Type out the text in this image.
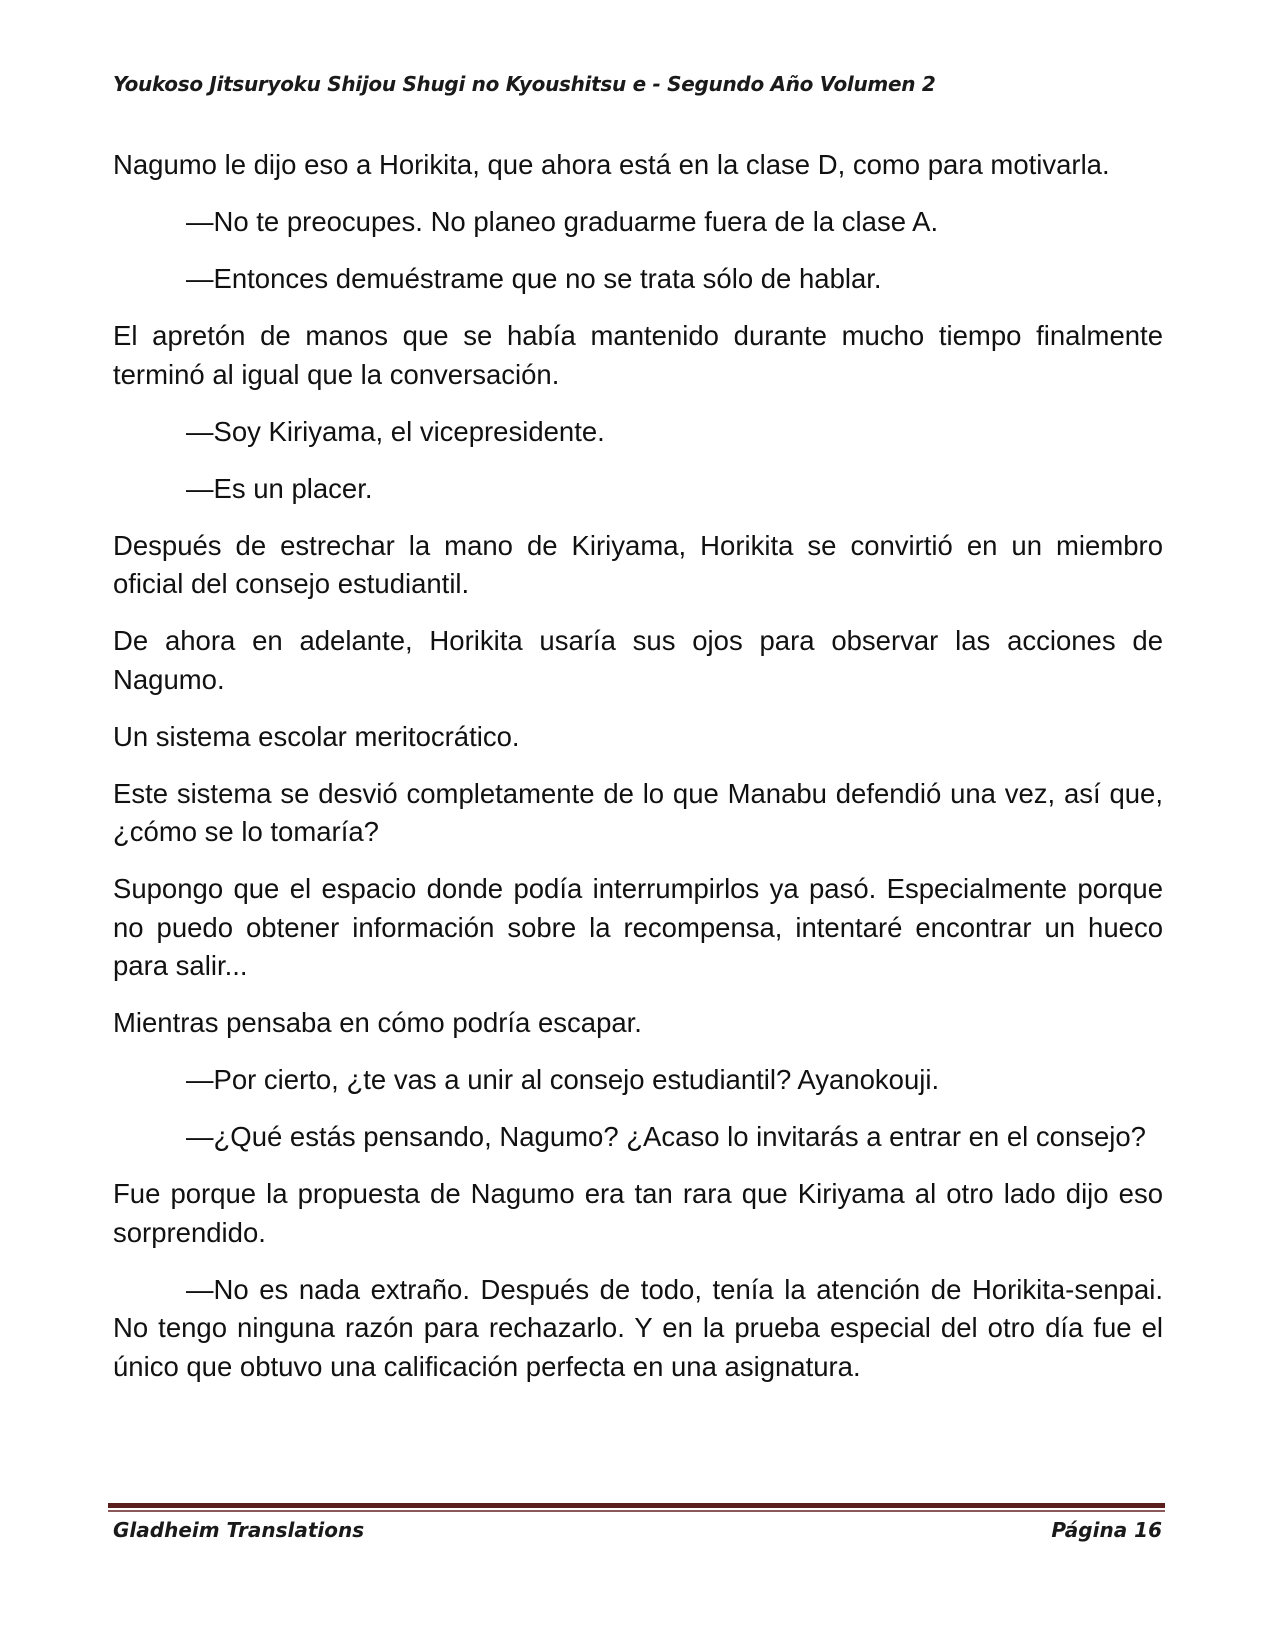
Youkoso Jitsuryoku Shijou Shugi no Kyoushitsu e - Segundo Año Volumen 2

Nagumo le dijo eso a Horikita, que ahora está en la clase D, como para motivarla.

—No te preocupes. No planeo graduarme fuera de la clase A.

—Entonces demuéstrame que no se trata sólo de hablar.

El apretón de manos que se había mantenido durante mucho tiempo finalmente terminó al igual que la conversación.

—Soy Kiriyama, el vicepresidente.

—Es un placer.

Después de estrechar la mano de Kiriyama, Horikita se convirtió en un miembro oficial del consejo estudiantil.

De ahora en adelante, Horikita usaría sus ojos para observar las acciones de Nagumo.

Un sistema escolar meritocrático.

Este sistema se desvió completamente de lo que Manabu defendió una vez, así que, ¿cómo se lo tomaría?

Supongo que el espacio donde podía interrumpirlos ya pasó. Especialmente porque no puedo obtener información sobre la recompensa, intentaré encontrar un hueco para salir...

Mientras pensaba en cómo podría escapar.

—Por cierto, ¿te vas a unir al consejo estudiantil? Ayanokouji.

—¿Qué estás pensando, Nagumo? ¿Acaso lo invitarás a entrar en el consejo?

Fue porque la propuesta de Nagumo era tan rara que Kiriyama al otro lado dijo eso sorprendido.

—No es nada extraño. Después de todo, tenía la atención de Horikita-senpai. No tengo ninguna razón para rechazarlo. Y en la prueba especial del otro día fue el único que obtuvo una calificación perfecta en una asignatura.

Gladheim Translations	Página 16
